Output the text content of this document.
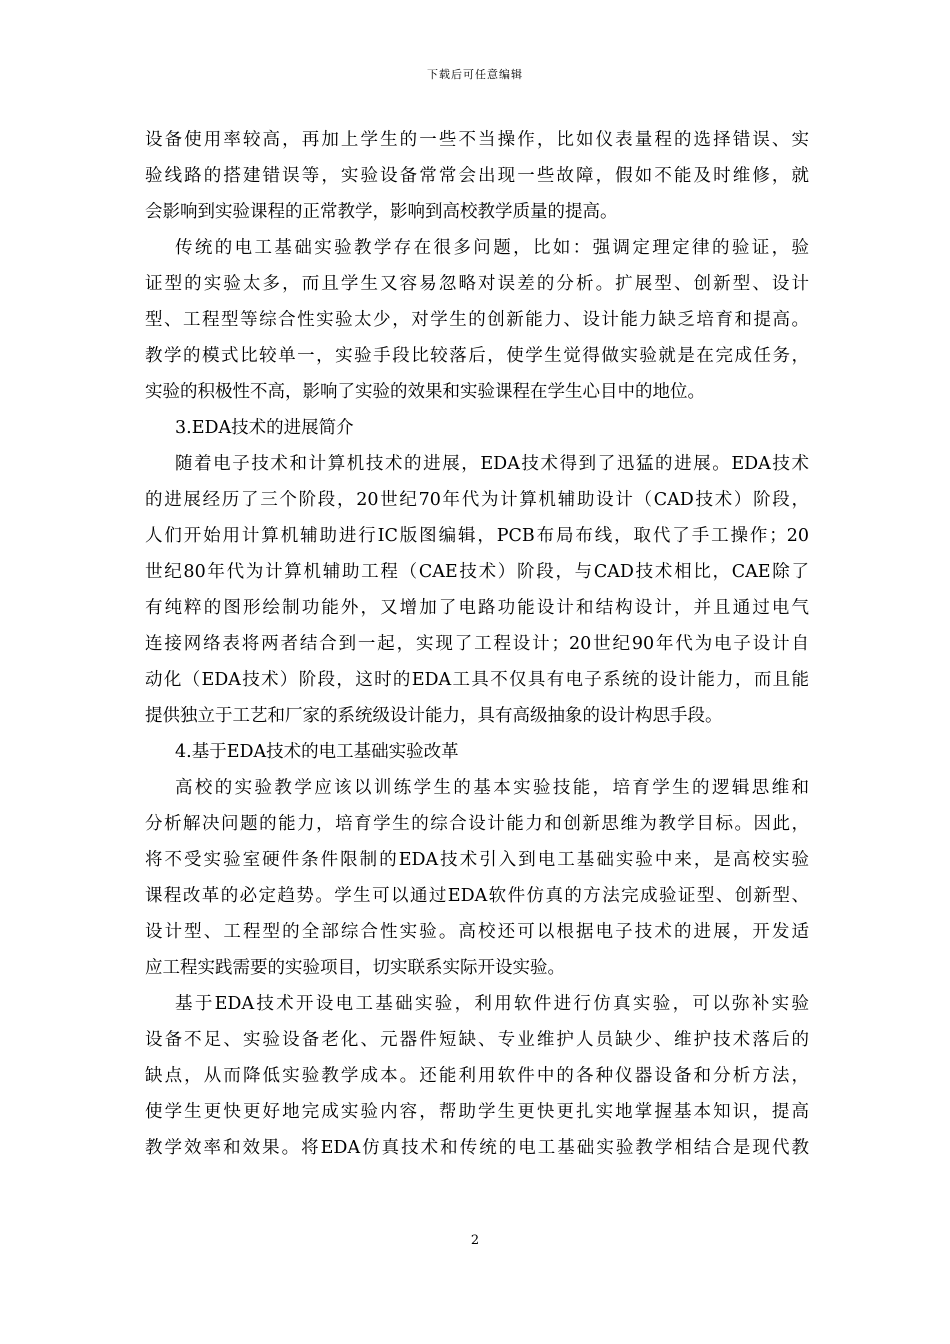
下载后可任意编辑
设备使用率较高，再加上学生的一些不当操作，比如仪表量程的选择错误、实
验线路的搭建错误等，实验设备常常会出现一些故障，假如不能及时维修，就
会影响到实验课程的正常教学，影响到高校教学质量的提高。
传统的电工基础实验教学存在很多问题，比如：强调定理定律的验证，验
证型的实验太多，而且学生又容易忽略对误差的分析。扩展型、创新型、设计
型、工程型等综合性实验太少，对学生的创新能力、设计能力缺乏培育和提高。
教学的模式比较单一，实验手段比较落后，使学生觉得做实验就是在完成任务，
实验的积极性不高，影响了实验的效果和实验课程在学生心目中的地位。
3.EDA技术的进展简介
随着电子技术和计算机技术的进展，EDA技术得到了迅猛的进展。EDA技术
的进展经历了三个阶段，20世纪70年代为计算机辅助设计（CAD技术）阶段，
人们开始用计算机辅助进行IC版图编辑，PCB布局布线，取代了手工操作；20
世纪80年代为计算机辅助工程（CAE技术）阶段，与CAD技术相比，CAE除了
有纯粹的图形绘制功能外，又增加了电路功能设计和结构设计，并且通过电气
连接网络表将两者结合到一起，实现了工程设计；20世纪90年代为电子设计自
动化（EDA技术）阶段，这时的EDA工具不仅具有电子系统的设计能力，而且能
提供独立于工艺和厂家的系统级设计能力，具有高级抽象的设计构思手段。
4.基于EDA技术的电工基础实验改革
高校的实验教学应该以训练学生的基本实验技能，培育学生的逻辑思维和
分析解决问题的能力，培育学生的综合设计能力和创新思维为教学目标。因此，
将不受实验室硬件条件限制的EDA技术引入到电工基础实验中来，是高校实验
课程改革的必定趋势。学生可以通过EDA软件仿真的方法完成验证型、创新型、
设计型、工程型的全部综合性实验。高校还可以根据电子技术的进展，开发适
应工程实践需要的实验项目，切实联系实际开设实验。
基于EDA技术开设电工基础实验，利用软件进行仿真实验，可以弥补实验
设备不足、实验设备老化、元器件短缺、专业维护人员缺少、维护技术落后的
缺点，从而降低实验教学成本。还能利用软件中的各种仪器设备和分析方法，
使学生更快更好地完成实验内容，帮助学生更快更扎实地掌握基本知识，提高
教学效率和效果。将EDA仿真技术和传统的电工基础实验教学相结合是现代教
2
